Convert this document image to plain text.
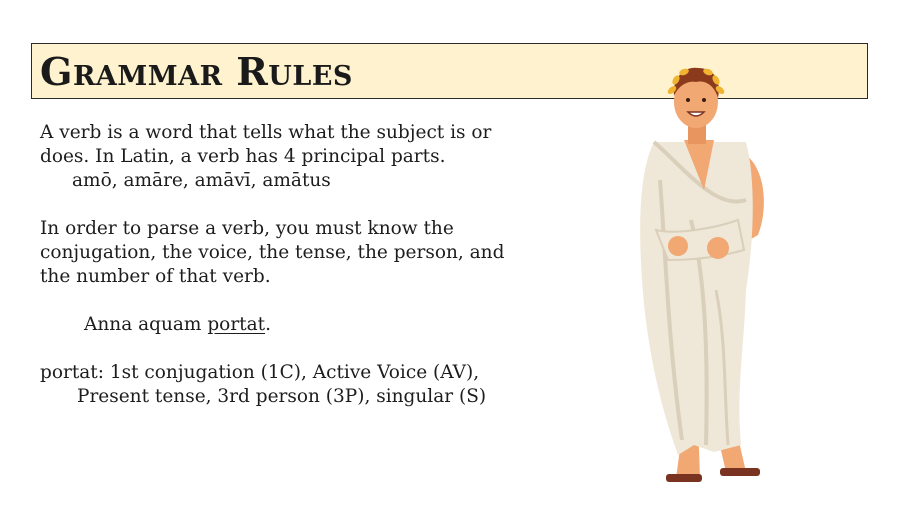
Grammar Rules

A verb is a word that tells what the subject is or

does. In Latin, a verb has 4 principal parts.

amō, amāre, amāvī, amātus

In order to parse a verb, you must know the

conjugation, the voice, the tense, the person, and

the number of that verb.

Anna aquam portat.

portat: 1st conjugation (1C), Active Voice (AV),

Present tense, 3rd person (3P), singular (S)
